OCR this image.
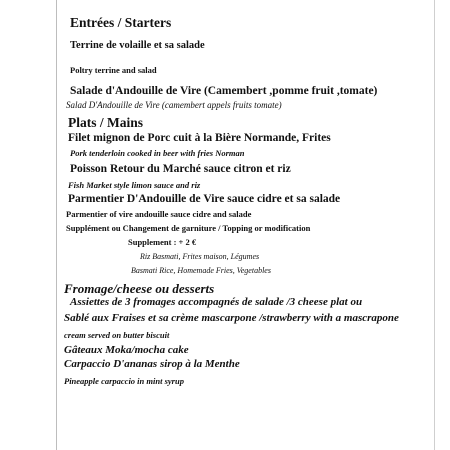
Entrées / Starters
Terrine de volaille et sa salade
Poltry terrine and salad
Salade d'Andouille de Vire (Camembert ,pomme fruit ,tomate)
Salad D'Andouille de Vire (camembert appels fruits tomate)
Plats / Mains
Filet mignon de Porc cuit à la Bière Normande, Frites
Pork tenderloin cooked in beer with fries Norman
Poisson Retour du Marché sauce citron et riz
Fish Market style limon sauce and riz
Parmentier D'Andouille de Vire sauce cidre et sa salade
Parmentier of vire andouille sauce cidre and salade
Supplément ou Changement de garniture / Topping or modification
Supplement : + 2 €
Riz Basmati, Frites maison, Légumes
Basmati Rice, Homemade Fries, Vegetables
Fromage/cheese ou desserts
Assiettes de 3 fromages accompagnés de salade /3 cheese plat ou
Sablé aux Fraises et sa crème mascarpone /strawberry with a mascrapone
cream served on butter biscuit
Gâteaux Moka/mocha cake
Carpaccio D'ananas sirop à la Menthe
Pineapple carpaccio in mint syrup
